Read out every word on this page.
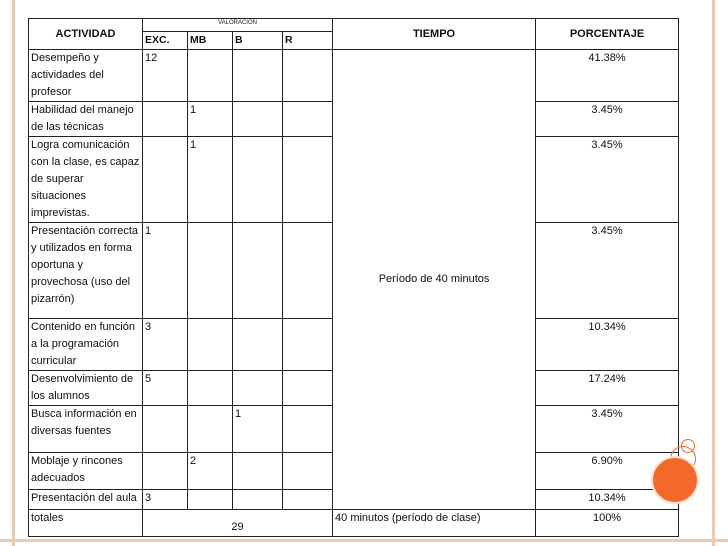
ACTIVIDAD	VALORACIÓN				TIEMPO	PORCENTAJE
	EXC.	MB	B	R		
Desempeño y actividades del profesor	12				Período de 40 minutos	41.38%
Habilidad del manejo de las técnicas		1				3.45%
Logra comunicación con la clase, es capaz de superar situaciones imprevistas.		1				3.45%
Presentación correcta y utilizados en forma oportuna y provechosa (uso del pizarrón)	1					3.45%
Contenido en función a la programación curricular	3					10.34%
Desenvolvimiento de los alumnos	5					17.24%
Busca información en diversas fuentes			1			3.45%
Moblaje y rincones adecuados		2				6.90%
Presentación del aula	3					10.34%
totales	29				40 minutos (período de clase)	100%
